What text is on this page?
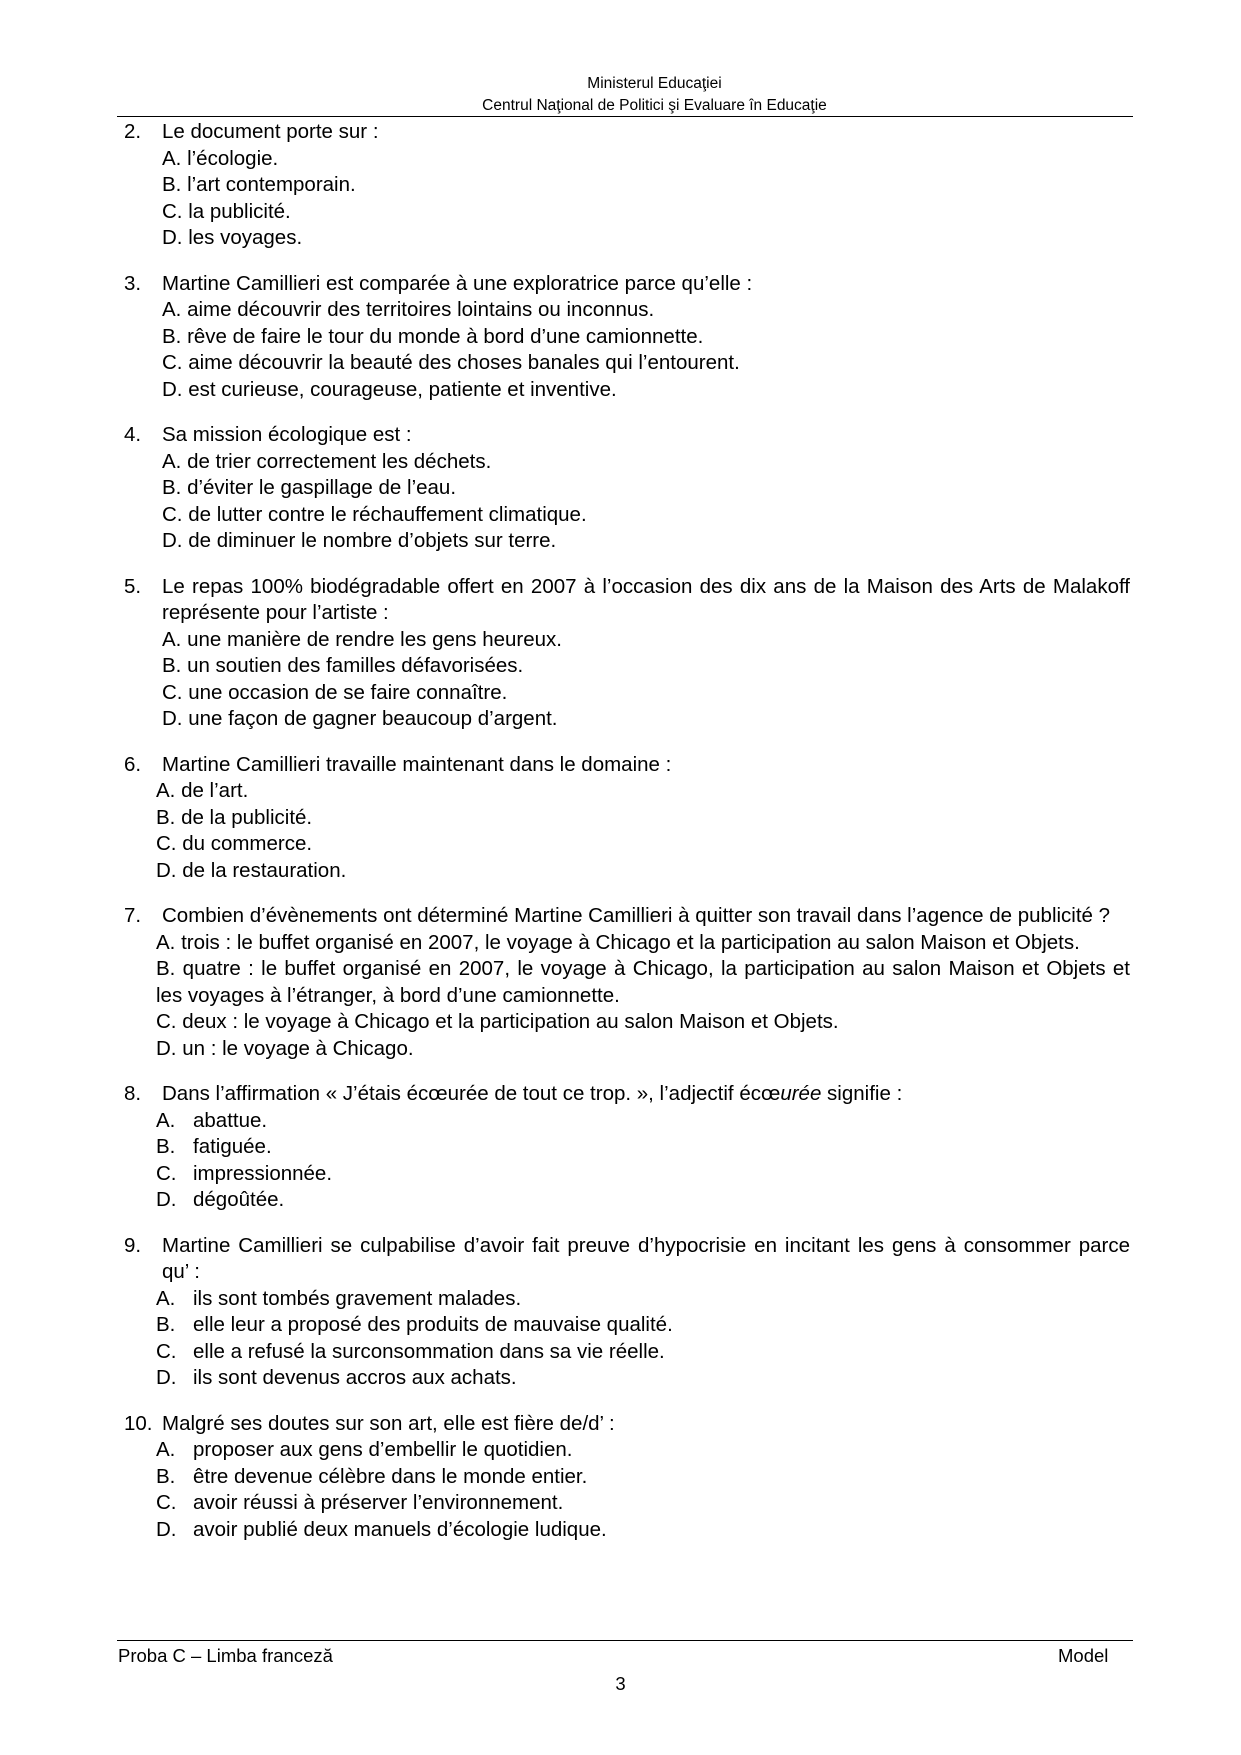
Ministerul Educaţiei
Centrul Naţional de Politici şi Evaluare în Educaţie
2. Le document porte sur :
A. l’écologie.
B. l’art contemporain.
C. la publicité.
D. les voyages.
3. Martine Camillieri est comparée à une exploratrice parce qu’elle :
A. aime découvrir des territoires lointains ou inconnus.
B. rêve de faire le tour du monde à bord d’une camionnette.
C. aime découvrir la beauté des choses banales qui l’entourent.
D. est curieuse, courageuse, patiente et inventive.
4. Sa mission écologique est :
A. de trier correctement les déchets.
B. d’éviter le gaspillage de l’eau.
C. de lutter contre le réchauffement climatique.
D. de diminuer le nombre d’objets sur terre.
5. Le repas 100% biodégradable offert en 2007 à l’occasion des dix ans de la Maison des Arts de Malakoff représente pour l’artiste :
A. une manière de rendre les gens heureux.
B. un soutien des familles défavorisées.
C. une occasion de se faire connaître.
D. une façon de gagner beaucoup d’argent.
6. Martine Camillieri travaille maintenant dans le domaine :
A. de l’art.
B. de la publicité.
C. du commerce.
D. de la restauration.
7. Combien d’évènements ont déterminé Martine Camillieri à quitter son travail dans l’agence de publicité ?
A. trois : le buffet organisé en 2007, le voyage à Chicago et la participation au salon Maison et Objets.
B. quatre : le buffet organisé en 2007, le voyage à Chicago, la participation au salon Maison et Objets et les voyages à l’étranger, à bord d’une camionnette.
C. deux : le voyage à Chicago et la participation au salon Maison et Objets.
D. un : le voyage à Chicago.
8. Dans l’affirmation « J’étais écœurée de tout ce trop. », l’adjectif écœurée signifie :
A. abattue.
B. fatiguée.
C. impressionnée.
D. dégoûtée.
9. Martine Camillieri se culpabilise d’avoir fait preuve d’hypocrisie en incitant les gens à consommer parce qu’ :
A. ils sont tombés gravement malades.
B. elle leur a proposé des produits de mauvaise qualité.
C. elle a refusé la surconsommation dans sa vie réelle.
D. ils sont devenus accros aux achats.
10. Malgré ses doutes sur son art, elle est fière de/d’ :
A. proposer aux gens d’embellir le quotidien.
B. être devenue célèbre dans le monde entier.
C. avoir réussi à préserver l’environnement.
D. avoir publié deux manuels d’écologie ludique.
Proba C – Limba franceză	Model
3
